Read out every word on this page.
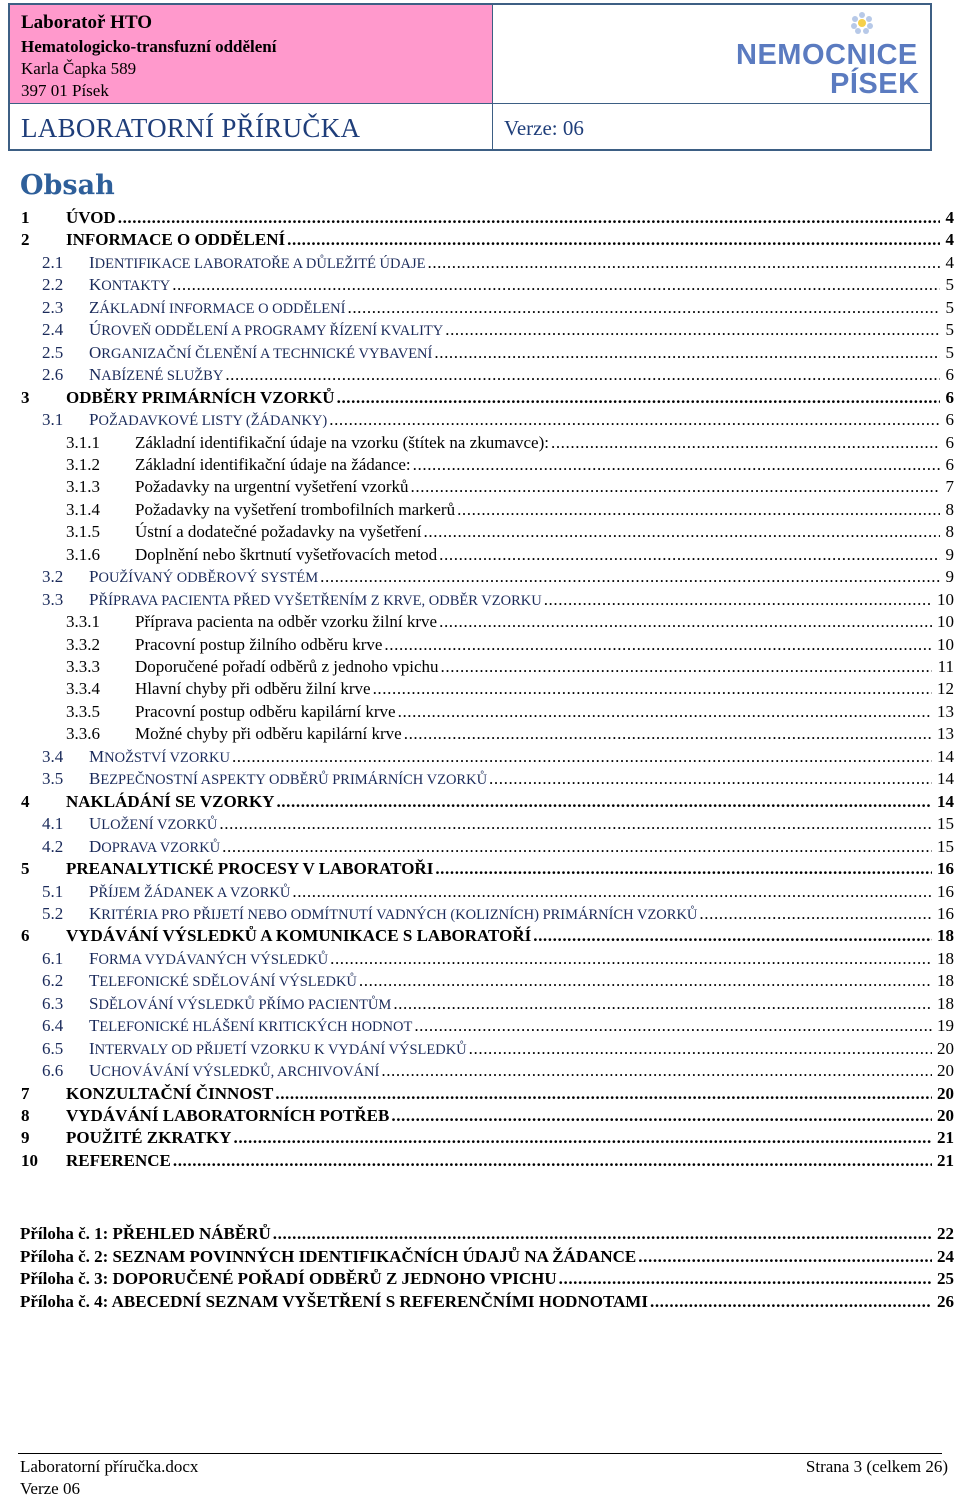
Laboratoř HTO
Hematologicko-transfuzní oddělení
Karla Čapka 589
397 01 Písek
NEMOCNICE
PÍSEK
LABORATORNÍ PŘÍRUČKA	Verze: 06
Obsah
1 ÚVOD .....	4
2 INFORMACE O ODDĚLENÍ .....	4
2.1 IDENTIFIKACE LABORATOŘE A DŮLEŽITÉ ÚDAJE .....	4
2.2 KONTAKTY .....	5
2.3 ZÁKLADNÍ INFORMACE O ODDĚLENÍ .....	5
2.4 ÚROVEŇ ODDĚLENÍ A PROGRAMY ŘÍZENÍ KVALITY .....	5
2.5 ORGANIZAČNÍ ČLENĚNÍ A TECHNICKÉ VYBAVENÍ .....	5
2.6 NABÍZENÉ SLUŽBY .....	6
3 ODBĚRY PRIMÁRNÍCH VZORKŮ .....	6
3.1 POŽADAVKOVÉ LISTY (ŽÁDANKY) .....	6
3.1.1 Základní identifikační údaje na vzorku (štítek na zkumavce): .....	6
3.1.2 Základní identifikační údaje na žádance: .....	6
3.1.3 Požadavky na urgentní vyšetření vzorků .....	7
3.1.4 Požadavky na vyšetření trombofilních markerů .....	8
3.1.5 Ústní a dodatečné požadavky na vyšetření .....	8
3.1.6 Doplnění nebo škrtnutí vyšetřovacích metod .....	9
3.2 POUŽÍVANÝ ODBĚROVÝ SYSTÉM .....	9
3.3 PŘÍPRAVA PACIENTA PŘED VYŠETŘENÍM Z KRVE, ODBĚR VZORKU .....	10
3.3.1 Příprava pacienta na odběr vzorku žilní krve .....	10
3.3.2 Pracovní postup žilního odběru krve .....	10
3.3.3 Doporučené pořadí odběrů z jednoho vpichu .....	11
3.3.4 Hlavní chyby při odběru žilní krve .....	12
3.3.5 Pracovní postup odběru kapilární krve .....	13
3.3.6 Možné chyby při odběru kapilární krve .....	13
3.4 MNOŽSTVÍ VZORKU .....	14
3.5 BEZPEČNOSTNÍ ASPEKTY ODBĚRŮ PRIMÁRNÍCH VZORKŮ .....	14
4 NAKLÁDÁNÍ SE VZORKY .....	14
4.1 ULOŽENÍ VZORKŮ .....	15
4.2 DOPRAVA VZORKŮ .....	15
5 PREANALYTICKÉ PROCESY V LABORATOŘI .....	16
5.1 PŘÍJEM ŽÁDANEK A VZORKŮ .....	16
5.2 KRITÉRIA PRO PŘIJETÍ NEBO ODMÍTNUTÍ VADNÝCH (KOLIZNÍCH) PRIMÁRNÍCH VZORKŮ .....	16
6 VYDÁVÁNÍ VÝSLEDKŮ A KOMUNIKACE S LABORATOŘÍ .....	18
6.1 FORMA VYDÁVANÝCH VÝSLEDKŮ .....	18
6.2 TELEFONICKÉ SDĚLOVÁNÍ VÝSLEDKŮ .....	18
6.3 SDĚLOVÁNÍ VÝSLEDKŮ PŘÍMO PACIENTŮM .....	18
6.4 TELEFONICKÉ HLÁŠENÍ KRITICKÝCH HODNOT .....	19
6.5 INTERVALY OD PŘIJETÍ VZORKU K VYDÁNÍ VÝSLEDKŮ .....	20
6.6 UCHOVÁVÁNÍ VÝSLEDKŮ, ARCHIVOVÁNÍ .....	20
7 KONZULTAČNÍ ČINNOST .....	20
8 VYDÁVÁNÍ LABORATORNÍCH POTŘEB .....	20
9 POUŽITÉ ZKRATKY .....	21
10 REFERENCE .....	21
Příloha č. 1: PŘEHLED NÁBĚRŮ .....	22
Příloha č. 2: SEZNAM POVINNÝCH IDENTIFIKAČNÍCH ÚDAJŮ NA ŽÁDANCE .....	24
Příloha č. 3: DOPORUČENÉ POŘADÍ ODBĚRŮ Z JEDNOHO VPICHU .....	25
Příloha č. 4: ABECEDNÍ SEZNAM VYŠETŘENÍ S REFERENČNÍMI HODNOTAMI .....	26
Laboratorní příručka.docx
Verze 06
Strana 3 (celkem 26)
